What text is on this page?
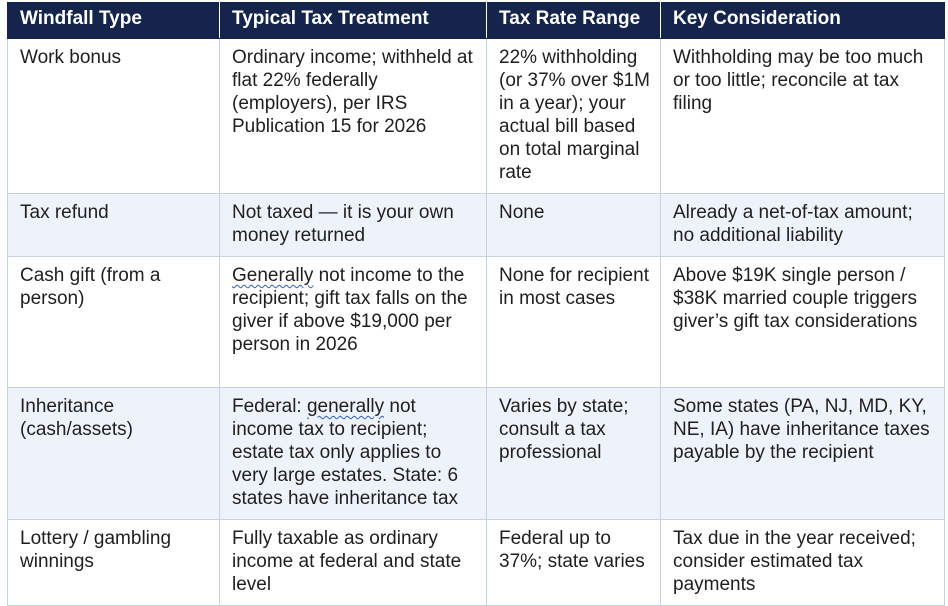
Windfall Type	Typical Tax Treatment	Tax Rate Range	Key Consideration
Work bonus	Ordinary income; withheld at flat 22% federally (employers), per IRS Publication 15 for 2026	22% withholding (or 37% over $1M in a year); your actual bill based on total marginal rate	Withholding may be too much or too little; reconcile at tax filing
Tax refund	Not taxed — it is your own money returned	None	Already a net-of-tax amount; no additional liability
Cash gift (from a person)	Generally not income to the recipient; gift tax falls on the giver if above $19,000 per person in 2026	None for recipient in most cases	Above $19K single person / $38K married couple triggers giver’s gift tax considerations
Inheritance (cash/assets)	Federal: generally not income tax to recipient; estate tax only applies to very large estates. State: 6 states have inheritance tax	Varies by state; consult a tax professional	Some states (PA, NJ, MD, KY, NE, IA) have inheritance taxes payable by the recipient
Lottery / gambling winnings	Fully taxable as ordinary income at federal and state level	Federal up to 37%; state varies	Tax due in the year received; consider estimated tax payments
